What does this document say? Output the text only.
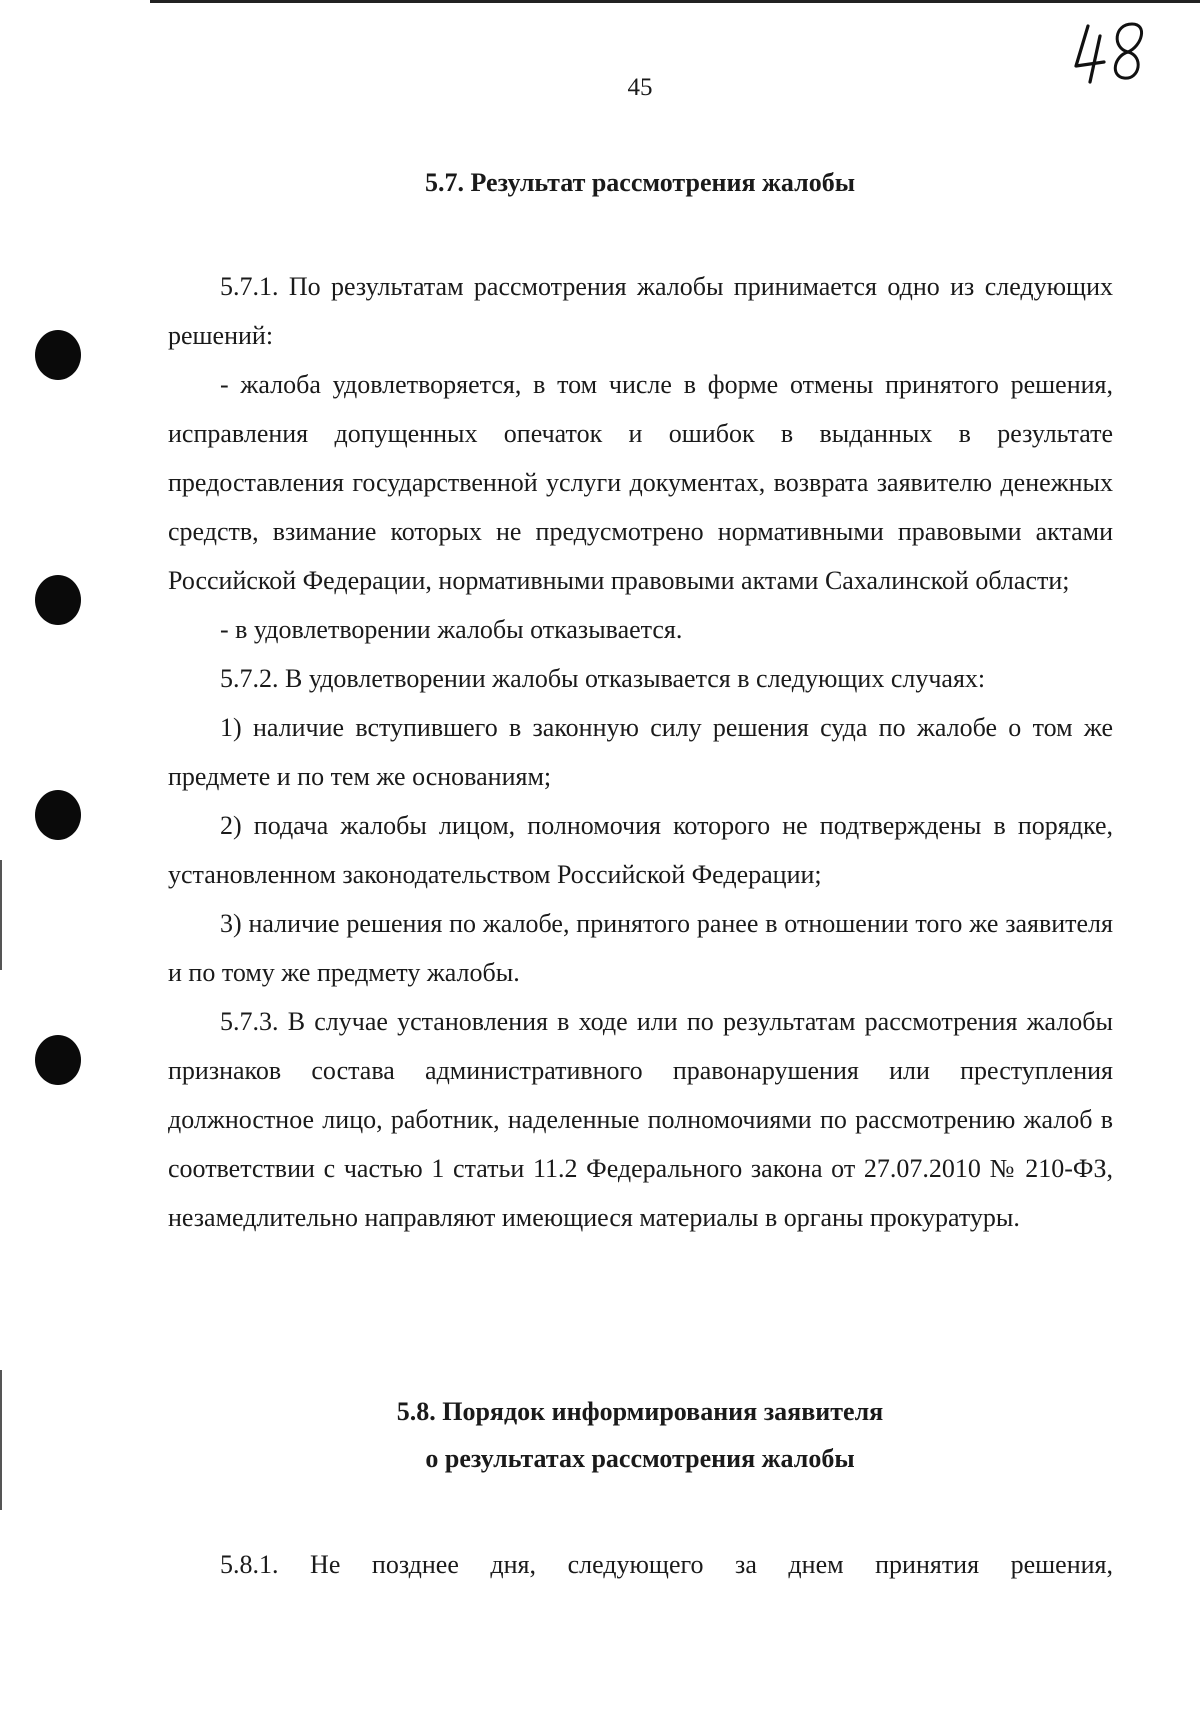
45
5.7. Результат рассмотрения жалобы

5.7.1. По результатам рассмотрения жалобы принимается одно из следующих решений:

- жалоба удовлетворяется, в том числе в форме отмены принятого решения, исправления допущенных опечаток и ошибок в выданных в результате предоставления государственной услуги документах, возврата заявителю денежных средств, взимание которых не предусмотрено нормативными правовыми актами Российской Федерации, нормативными правовыми актами Сахалинской области;

- в удовлетворении жалобы отказывается.

5.7.2. В удовлетворении жалобы отказывается в следующих случаях:

1) наличие вступившего в законную силу решения суда по жалобе о том же предмете и по тем же основаниям;

2) подача жалобы лицом, полномочия которого не подтверждены в порядке, установленном законодательством Российской Федерации;

3) наличие решения по жалобе, принятого ранее в отношении того же заявителя и по тому же предмету жалобы.

5.7.3. В случае установления в ходе или по результатам рассмотрения жалобы признаков состава административного правонарушения или преступления должностное лицо, работник, наделенные полномочиями по рассмотрению жалоб в соответствии с частью 1 статьи 11.2 Федерального закона от 27.07.2010 № 210-ФЗ, незамедлительно направляют имеющиеся материалы в органы прокуратуры.

5.8. Порядок информирования заявителя
о результатах рассмотрения жалобы

5.8.1. Не позднее дня, следующего за днем принятия решения,
